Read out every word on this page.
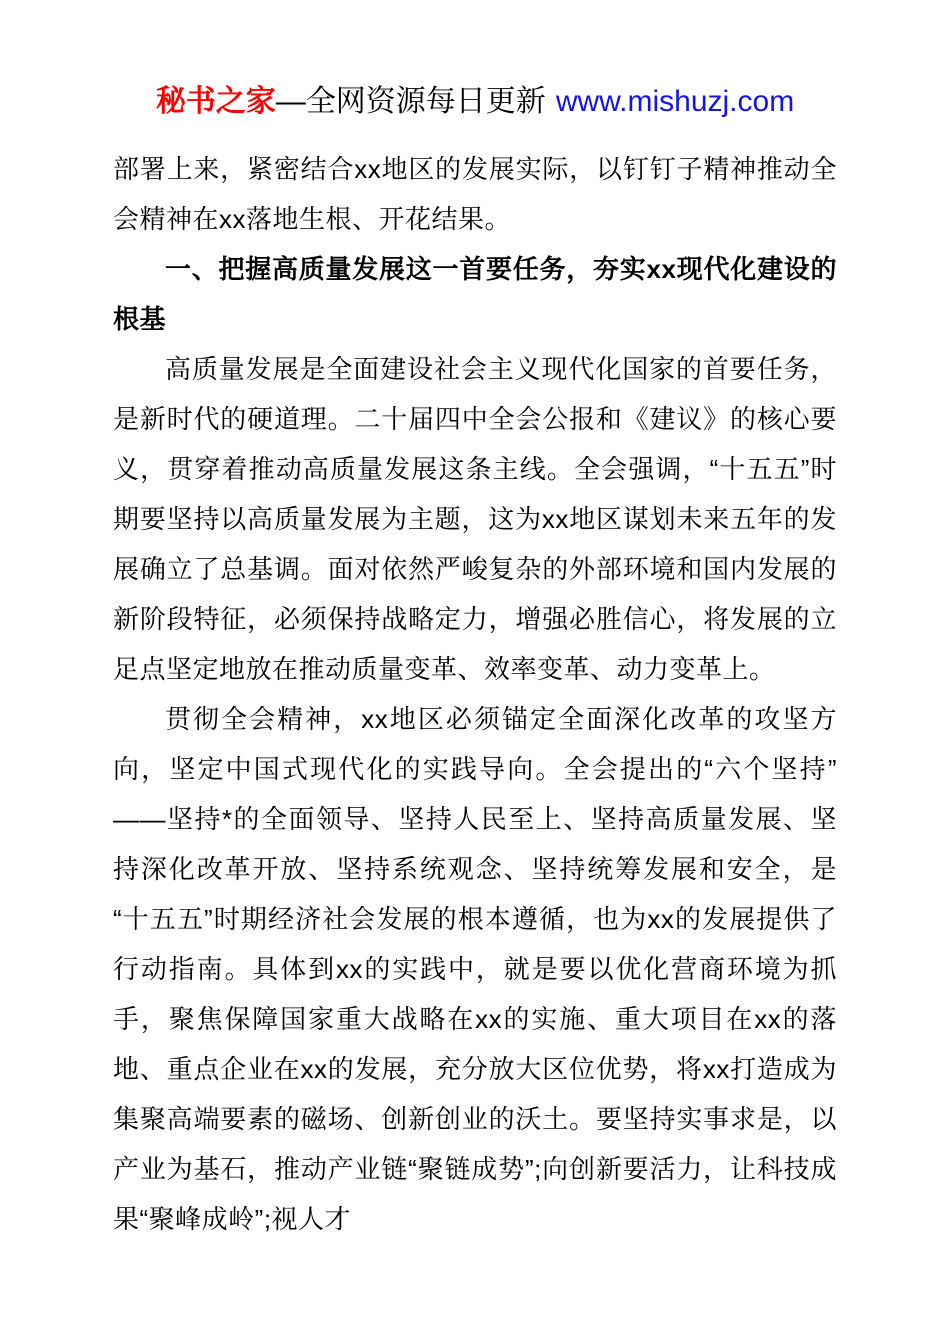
秘书之家—全网资源每日更新 www.mishuzj.com

部署上来，紧密结合xx地区的发展实际，以钉钉子精神推动全会精神在xx落地生根、开花结果。

一、把握高质量发展这一首要任务，夯实xx现代化建设的根基

高质量发展是全面建设社会主义现代化国家的首要任务，是新时代的硬道理。二十届四中全会公报和《建议》的核心要义，贯穿着推动高质量发展这条主线。全会强调，“十五五”时期要坚持以高质量发展为主题，这为xx地区谋划未来五年的发展确立了总基调。面对依然严峻复杂的外部环境和国内发展的新阶段特征，必须保持战略定力，增强必胜信心，将发展的立足点坚定地放在推动质量变革、效率变革、动力变革上。

贯彻全会精神，xx地区必须锚定全面深化改革的攻坚方向，坚定中国式现代化的实践导向。全会提出的“六个坚持”——坚持*的全面领导、坚持人民至上、坚持高质量发展、坚持深化改革开放、坚持系统观念、坚持统筹发展和安全，是“十五五”时期经济社会发展的根本遵循，也为xx的发展提供了行动指南。具体到xx的实践中，就是要以优化营商环境为抓手，聚焦保障国家重大战略在xx的实施、重大项目在xx的落地、重点企业在xx的发展，充分放大区位优势，将xx打造成为集聚高端要素的磁场、创新创业的沃土。要坚持实事求是，以产业为基石，推动产业链“聚链成势”;向创新要活力，让科技成果“聚峰成岭”;视人才
